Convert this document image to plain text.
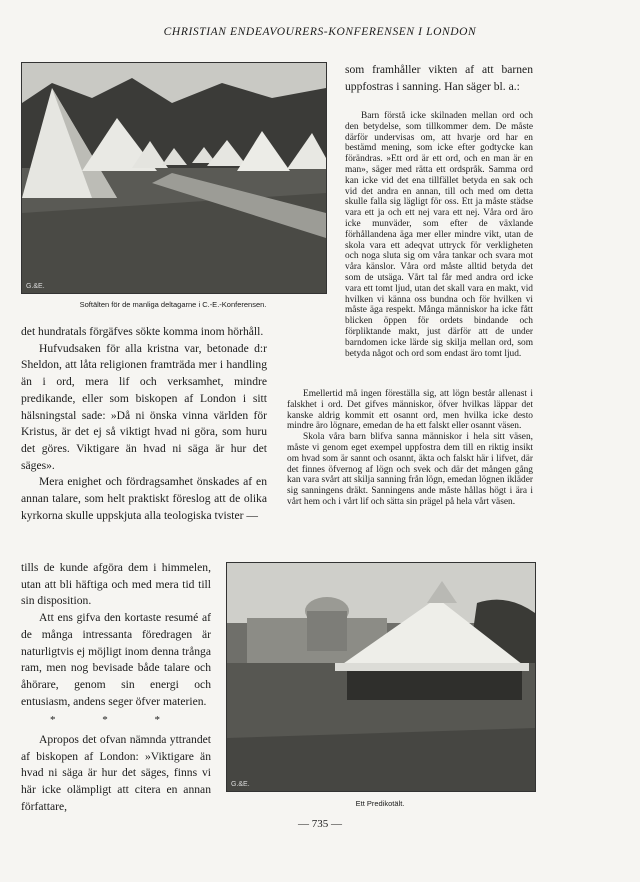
CHRISTIAN ENDEAVOURERS-KONFERENSEN I LONDON
G.&E.
Softälten för de manliga deltagarne i C.-E.-Konferensen.
som framhåller vikten af att barnen uppfostras i sanning. Han säger bl. a.:

Barn förstå icke skilnaden mellan ord och den betydelse, som tillkommer dem. De måste därför undervisas om, att hvarje ord har en bestämd mening, som icke efter godtycke kan förändras. »Ett ord är ett ord, och en man är en man», säger med rätta ett ordspråk. Samma ord kan icke vid det ena tillfället betyda en sak och vid det andra en annan, till och med om detta skulle falla sig lägligt för oss. Ett ja måste städse vara ett ja och ett nej vara ett nej. Våra ord äro icke munväder, som efter de växlande förhållandena äga mer eller mindre vikt, utan de skola vara ett adeqvat uttryck för verkligheten och noga sluta sig om våra tankar och svara mot våra känslor. Våra ord måste alltid betyda det som de utsäga. Vårt tal får med andra ord icke vara ett tomt ljud, utan det skall vara en makt, vid hvilken vi känna oss bundna och för hvilken vi måste äga respekt. Många människor ha icke fått blicken öppen för ordets bindande och förpliktande makt, just därför att de under barndomen icke lärde sig skilja mellan ord, som betyda något och ord som endast äro tomt ljud.

Emellertid må ingen föreställa sig, att lögn består allenast i falskhet i ord. Det gifves människor, öfver hvilkas läppar det kanske aldrig kommit ett osannt ord, men hvilka icke desto mindre äro lögnare, emedan de ha ett falskt eller osannt väsen.

Skola våra barn blifva sanna människor i hela sitt väsen, måste vi genom eget exempel uppfostra dem till en riktig insikt om hvad som är sannt och osannt, äkta och falskt här i lifvet, där det finnes öfvernog af lögn och svek och där det mången gång kan vara svårt att skilja sanning från lögn, emedan lögnen ikläder sig sanningens dräkt. Sanningens ande måste hållas högt i ära i vårt hem och i vårt lif och sätta sin prägel på hela vårt väsen.

det hundratals förgäfves sökte komma inom hörhåll.

Hufvudsaken för alla kristna var, betonade d:r Sheldon, att låta religionen framträda mer i handling än i ord, mera lif och verksamhet, mindre predikande, eller som biskopen af London i sitt hälsningstal sade: »Då ni önska vinna världen för Kristus, är det ej så viktigt hvad ni göra, som huru det göres. Viktigare än hvad ni säga är hur det säges».

Mera enighet och fördragsamhet önskades af en annan talare, som helt praktiskt föreslog att de olika kyrkorna skulle uppskjuta alla teologiska tvister —

tills de kunde afgöra dem i himmelen, utan att bli häftiga och med mera tid till sin disposition.

Att ens gifva den kortaste resumé af de många intressanta föredragen är naturligtvis ej möjligt inom denna trånga ram, men nog bevisade både talare och åhörare, genom sin energi och entusiasm, andens seger öfver materien.

* * *

Apropos det ofvan nämnda yttrandet af biskopen af London: »Viktigare än hvad ni säga är hur det säges, finns vi här icke olämpligt att citera en annan författare,

G.&E.
Ett Predikotält.
— 735 —
